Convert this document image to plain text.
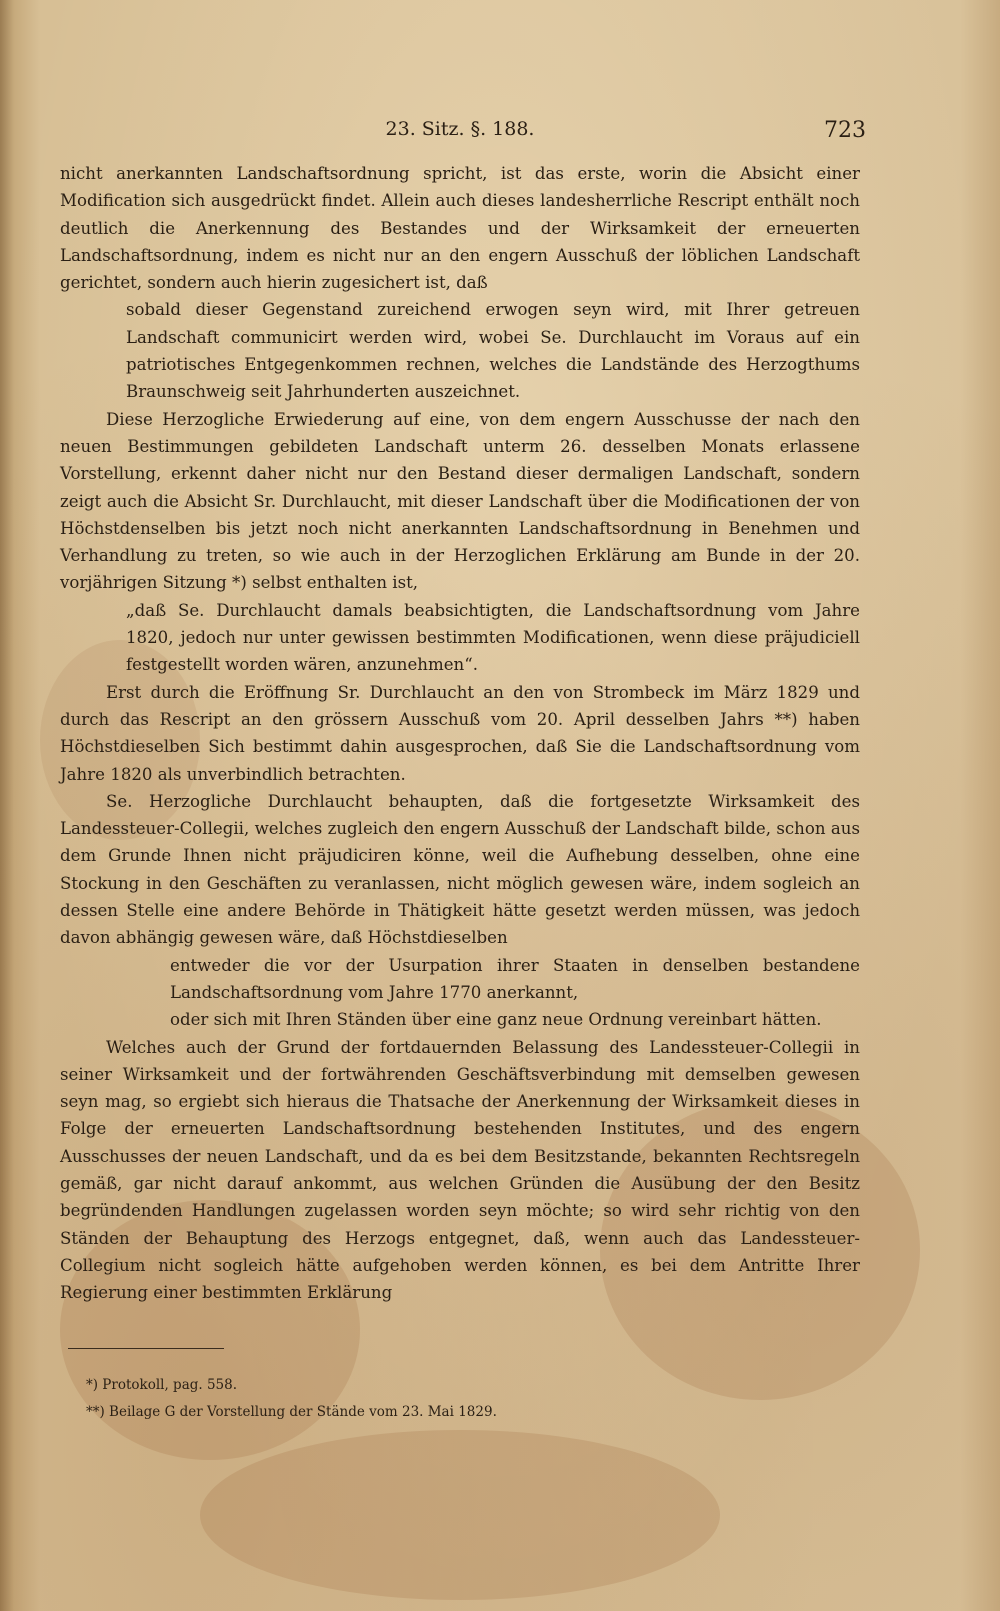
23. Sitz. §. 188.	723

nicht anerkannten Landschaftsordnung spricht, ist das erste, worin die Absicht einer Modification sich ausgedrückt findet. Allein auch dieses landesherrliche Rescript enthält noch deutlich die Anerkennung des Bestandes und der Wirksamkeit der erneuerten Landschaftsordnung, indem es nicht nur an den engern Ausschuß der löblichen Landschaft gerichtet, sondern auch hierin zugesichert ist, daß

sobald dieser Gegenstand zureichend erwogen seyn wird, mit Ihrer getreuen Landschaft communicirt werden wird, wobei Se. Durchlaucht im Voraus auf ein patriotisches Entgegenkommen rechnen, welches die Landstände des Herzogthums Braunschweig seit Jahrhunderten auszeichnet.

Diese Herzogliche Erwiederung auf eine, von dem engern Ausschusse der nach den neuen Bestimmungen gebildeten Landschaft unterm 26. desselben Monats erlassene Vorstellung, erkennt daher nicht nur den Bestand dieser dermaligen Landschaft, sondern zeigt auch die Absicht Sr. Durchlaucht, mit dieser Landschaft über die Modificationen der von Höchstdenselben bis jetzt noch nicht anerkannten Landschaftsordnung in Benehmen und Verhandlung zu treten, so wie auch in der Herzoglichen Erklärung am Bunde in der 20. vorjährigen Sitzung *) selbst enthalten ist,

„daß Se. Durchlaucht damals beabsichtigten, die Landschaftsordnung vom Jahre 1820, jedoch nur unter gewissen bestimmten Modificationen, wenn diese präjudiciell festgestellt worden wären, anzunehmen“.

Erst durch die Eröffnung Sr. Durchlaucht an den von Strombeck im März 1829 und durch das Rescript an den grössern Ausschuß vom 20. April desselben Jahrs **) haben Höchstdieselben Sich bestimmt dahin ausgesprochen, daß Sie die Landschaftsordnung vom Jahre 1820 als unverbindlich betrachten.

Se. Herzogliche Durchlaucht behaupten, daß die fortgesetzte Wirksamkeit des Landessteuer-Collegii, welches zugleich den engern Ausschuß der Landschaft bilde, schon aus dem Grunde Ihnen nicht präjudiciren könne, weil die Aufhebung desselben, ohne eine Stockung in den Geschäften zu veranlassen, nicht möglich gewesen wäre, indem sogleich an dessen Stelle eine andere Behörde in Thätigkeit hätte gesetzt werden müssen, was jedoch davon abhängig gewesen wäre, daß Höchstdieselben

entweder die vor der Usurpation ihrer Staaten in denselben bestandene Landschaftsordnung vom Jahre 1770 anerkannt,

oder sich mit Ihren Ständen über eine ganz neue Ordnung vereinbart hätten.

Welches auch der Grund der fortdauernden Belassung des Landessteuer-Collegii in seiner Wirksamkeit und der fortwährenden Geschäftsverbindung mit demselben gewesen seyn mag, so ergiebt sich hieraus die Thatsache der Anerkennung der Wirksamkeit dieses in Folge der erneuerten Landschaftsordnung bestehenden Institutes, und des engern Ausschusses der neuen Landschaft, und da es bei dem Besitzstande, bekannten Rechtsregeln gemäß, gar nicht darauf ankommt, aus welchen Gründen die Ausübung der den Besitz begründenden Handlungen zugelassen worden seyn möchte; so wird sehr richtig von den Ständen der Behauptung des Herzogs entgegnet, daß, wenn auch das Landessteuer-Collegium nicht sogleich hätte aufgehoben werden können, es bei dem Antritte Ihrer Regierung einer bestimmten Erklärung

*) Protokoll, pag. 558.

**) Beilage G der Vorstellung der Stände vom 23. Mai 1829.
